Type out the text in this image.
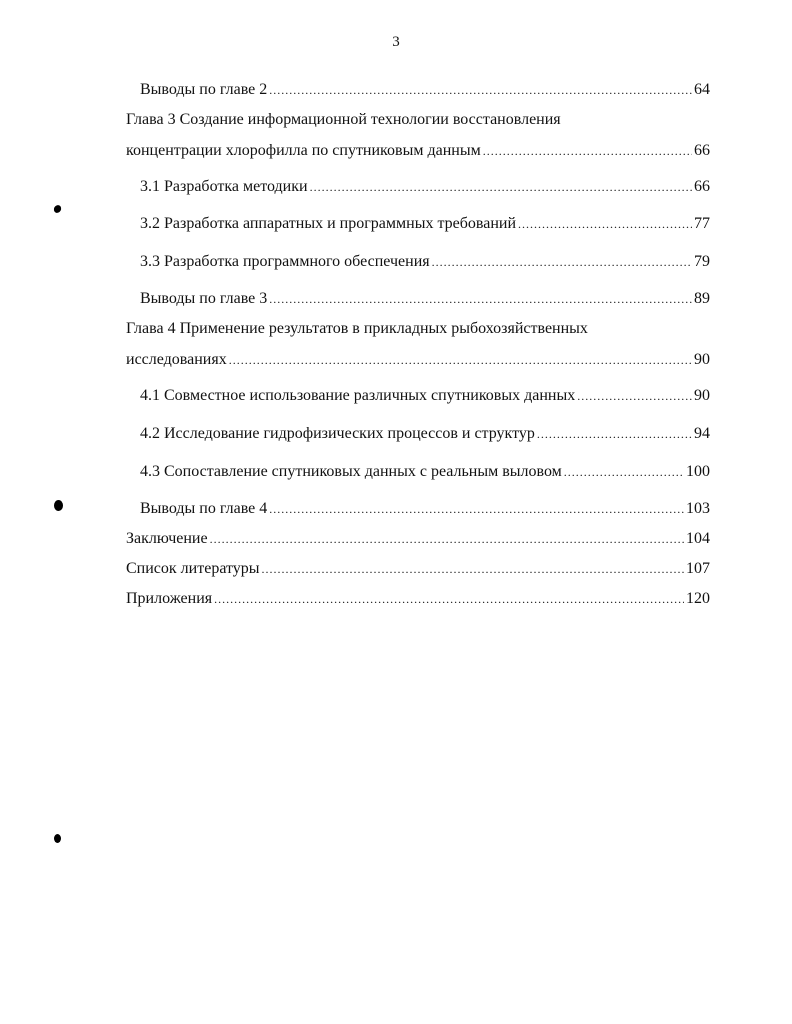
3
Выводы по главе 2 .....	64
Глава 3 Создание информационной технологии восстановления
концентрации хлорофилла по спутниковым данным .....	66
3.1 Разработка методики .....	66
3.2 Разработка аппаратных и программных требований .....	77
3.3 Разработка программного обеспечения .....	79
Выводы по главе 3 .....	89
Глава 4 Применение результатов в прикладных рыбохозяйственных
исследованиях .....	90
4.1 Совместное использование различных спутниковых данных .....	90
4.2 Исследование гидрофизических процессов и структур .....	94
4.3 Сопоставление спутниковых данных с реальным выловом .....	100
Выводы по главе 4 .....	103
Заключение .....	104
Список литературы .....	107
Приложения .....	120
